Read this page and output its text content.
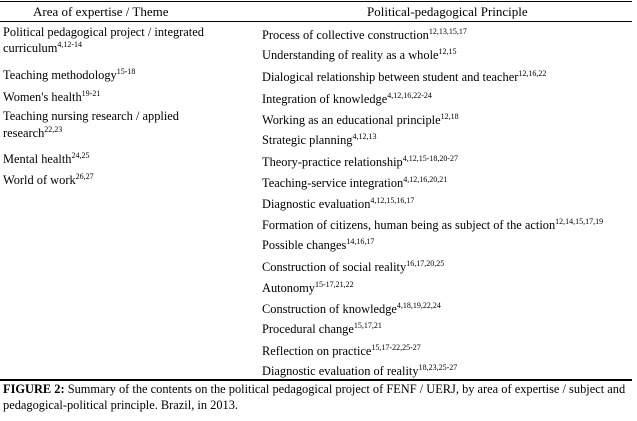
Area of expertise / Theme	Political-pedagogical Principle
Political pedagogical project / integrated
curriculum$^{4,12-14}$
Teaching methodology$^{15-18}$
Women's health$^{19-21}$
Teaching nursing research / applied
research$^{22,23}$
Mental health$^{24,25}$
World of work$^{26,27}$
Process of collective construction$^{12,13,15,17}$
Understanding of reality as a whole$^{12,15}$
Dialogical relationship between student and teacher$^{12,16,22}$
Integration of knowledge$^{4,12,16,22-24}$
Working as an educational principle$^{12,18}$
Strategic planning$^{4,12,13}$
Theory-practice relationship$^{4,12,15-18,20-27}$
Teaching-service integration$^{4,12,16,20,21}$
Diagnostic evaluation$^{4,12,15,16,17}$
Formation of citizens, human being as subject of the action$^{12,14,15,17,19}$
Possible changes$^{14,16,17}$
Construction of social reality$^{16,17,20,25}$
Autonomy$^{15-17,21,22}$
Construction of knowledge$^{4,18,19,22,24}$
Procedural change$^{15,17,21}$
Reflection on practice$^{15,17-22,25-27}$
Diagnostic evaluation of reality$^{18,23,25-27}$
FIGURE 2: Summary of the contents on the political pedagogical project of FENF / UERJ, by area of expertise / subject and pedagogical-political principle. Brazil, in 2013.
